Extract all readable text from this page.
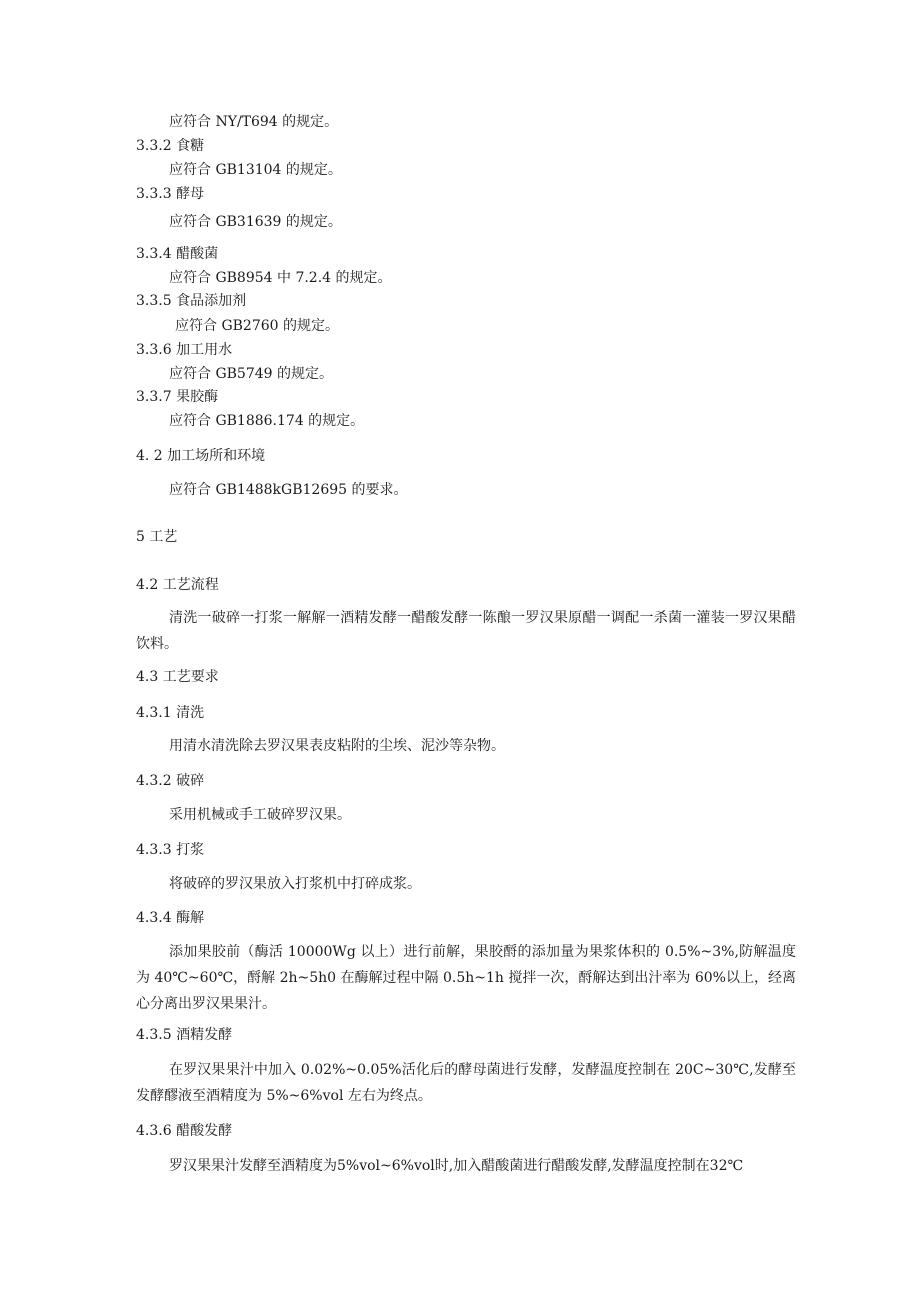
应符合 NY/T694 的规定。
3.3.2 食糖
应符合 GB13104 的规定。
3.3.3 酵母
应符合 GB31639 的规定。
3.3.4 醋酸菌
应符合 GB8954 中 7.2.4 的规定。
3.3.5 食品添加剂
应符合 GB2760 的规定。
3.3.6 加工用水
应符合 GB5749 的规定。
3.3.7 果胶酶
应符合 GB1886.174 的规定。
4. 2 加工场所和环境
应符合 GB1488kGB12695 的要求。
5 工艺
4.2 工艺流程
清洗一破碎一打浆一解解一酒精发酵一醋酸发酵一陈酿一罗汉果原醋一调配一杀菌一灌装一罗汉果醋饮料。
4.3 工艺要求
4.3.1 清洗
用清水清洗除去罗汉果表皮粘附的尘埃、泥沙等杂物。
4.3.2 破碎
采用机械或手工破碎罗汉果。
4.3.3 打浆
将破碎的罗汉果放入打浆机中打碎成浆。
4.3.4 酶解
添加果胶前（酶活 10000Wg 以上）进行前解，果胶酹的添加量为果浆体积的 0.5%~3%,防解温度为 40℃~60℃，酹解 2h~5h0 在酶解过程中隔 0.5h~1h 搅拌一次，酹解达到出汁率为 60%以上，经离心分离出罗汉果果汁。
4.3.5 酒精发酵
在罗汉果果汁中加入 0.02%~0.05%活化后的酵母菌进行发酵，发酵温度控制在 20C~30℃,发酵至发酵醪液至酒精度为 5%~6%vol 左右为终点。
4.3.6 醋酸发酵
罗汉果果汁发酵至酒精度为5%vol~6%vol时,加入醋酸菌进行醋酸发酵,发酵温度控制在32℃
